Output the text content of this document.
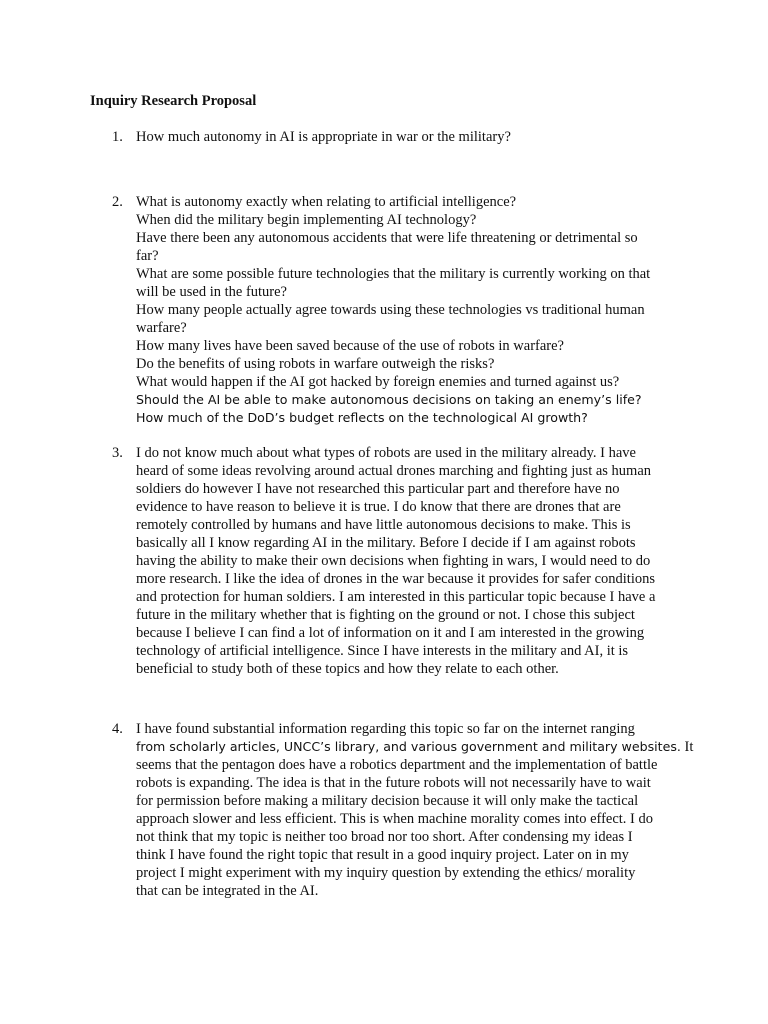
Inquiry Research Proposal
1. How much autonomy in AI is appropriate in war or the military?
2. What is autonomy exactly when relating to artificial intelligence?
When did the military begin implementing AI technology?
Have there been any autonomous accidents that were life threatening or detrimental so
far?
What are some possible future technologies that the military is currently working on that
will be used in the future?
How many people actually agree towards using these technologies vs traditional human
warfare?
How many lives have been saved because of the use of robots in warfare?
Do the benefits of using robots in warfare outweigh the risks?
What would happen if the AI got hacked by foreign enemies and turned against us?
Should the AI be able to make autonomous decisions on taking an enemy’s life?
How much of the DoD’s budget reflects on the technological AI growth?
3. I do not know much about what types of robots are used in the military already. I have
heard of some ideas revolving around actual drones marching and fighting just as human
soldiers do however I have not researched this particular part and therefore have no
evidence to have reason to believe it is true. I do know that there are drones that are
remotely controlled by humans and have little autonomous decisions to make. This is
basically all I know regarding AI in the military. Before I decide if I am against robots
having the ability to make their own decisions when fighting in wars, I would need to do
more research. I like the idea of drones in the war because it provides for safer conditions
and protection for human soldiers. I am interested in this particular topic because I have a
future in the military whether that is fighting on the ground or not. I chose this subject
because I believe I can find a lot of information on it and I am interested in the growing
technology of artificial intelligence. Since I have interests in the military and AI, it is
beneficial to study both of these topics and how they relate to each other.
4. I have found substantial information regarding this topic so far on the internet ranging
from scholarly articles, UNCC’s library, and various government and military websites. It
seems that the pentagon does have a robotics department and the implementation of battle
robots is expanding. The idea is that in the future robots will not necessarily have to wait
for permission before making a military decision because it will only make the tactical
approach slower and less efficient. This is when machine morality comes into effect. I do
not think that my topic is neither too broad nor too short. After condensing my ideas I
think I have found the right topic that result in a good inquiry project. Later on in my
project I might experiment with my inquiry question by extending the ethics/ morality
that can be integrated in the AI.
